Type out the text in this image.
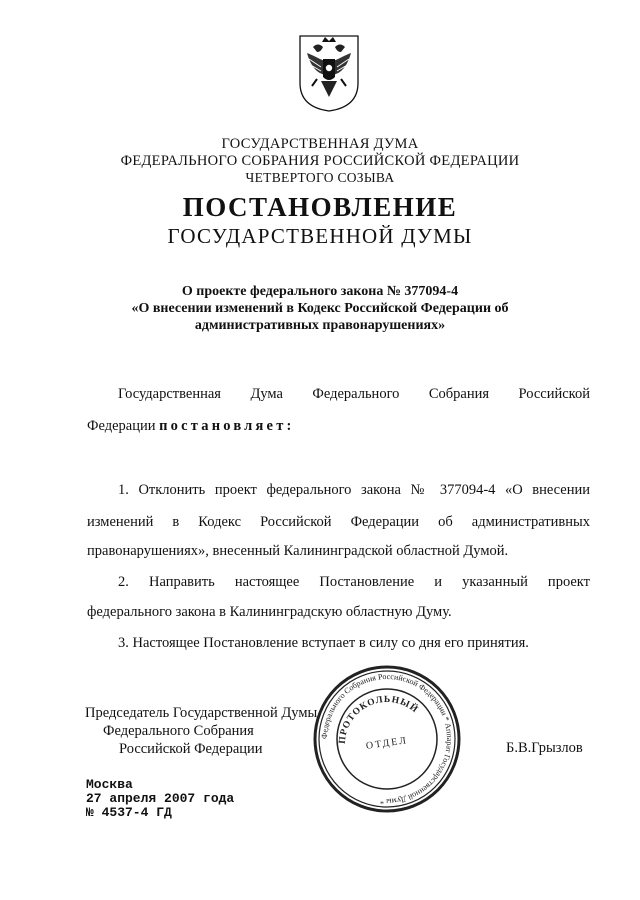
ГОСУДАРСТВЕННАЯ ДУМА
ФЕДЕРАЛЬНОГО СОБРАНИЯ РОССИЙСКОЙ ФЕДЕРАЦИИ
ЧЕТВЕРТОГО СОЗЫВА
ПОСТАНОВЛЕНИЕ
ГОСУДАРСТВЕННОЙ ДУМЫ
О проекте федерального закона № 377094-4
«О внесении изменений в Кодекс Российской Федерации об
административных правонарушениях»
Государственная Дума Федерального Собрания Российской
Федерации постановляет:
1. Отклонить проект федерального закона № 377094-4 «О внесении
изменений в Кодекс Российской Федерации об административных
правонарушениях», внесенный Калининградской областной Думой.
2. Направить настоящее Постановление и указанный проект
федерального закона в Калининградскую областную Думу.
3. Настоящее Постановление вступает в силу со дня его принятия.
Председатель Государственной Думы
Федерального Собрания
Российской Федерации	Б.В.Грызлов
Москва
27 апреля 2007 года
№ 4537-4 ГД
Федерального Собрания Российской Федерации * Аппарат Государственной Думы *
ПРОТОКОЛЬНЫЙ
ОТДЕЛ
